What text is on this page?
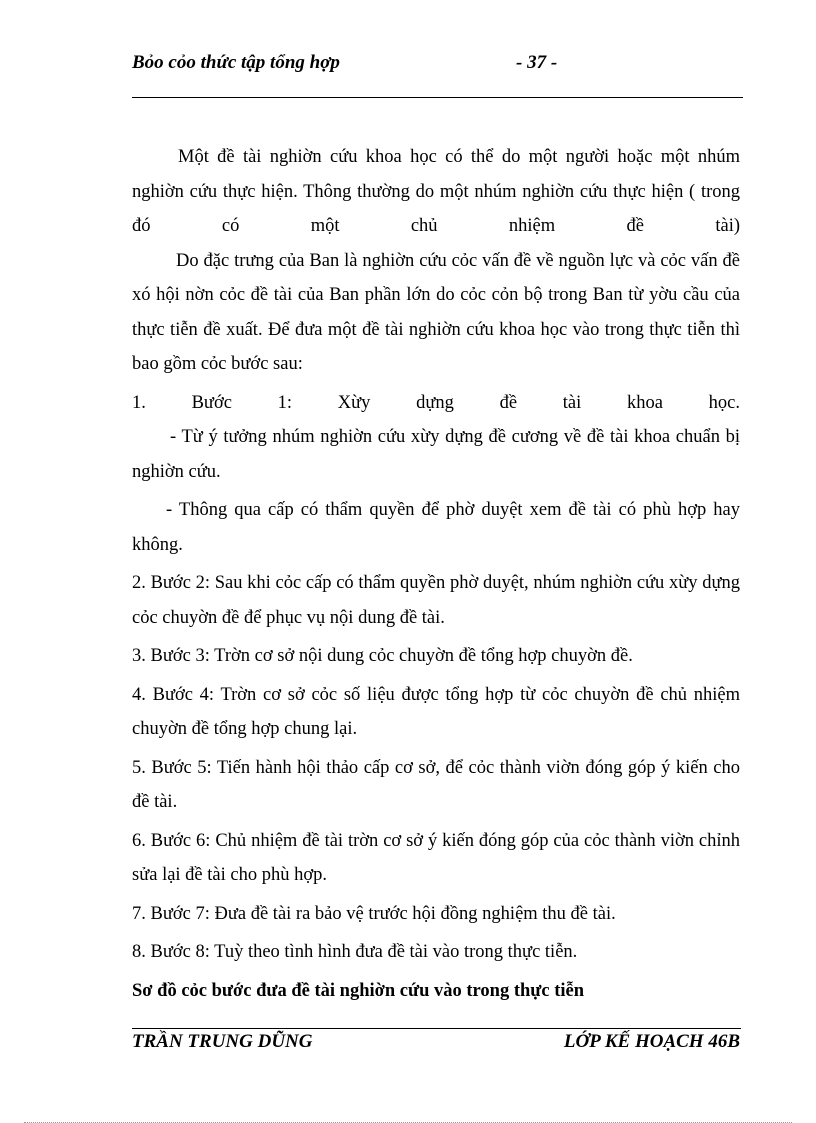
Bỏo cỏo thức tập tổng hợp	- 37 -

Một đề tài nghiờn cứu khoa học có thể do một người hoặc một nhúm

nghiờn cứu thực hiện. Thông thường do một nhúm nghiờn cứu thực hiện ( trong

đó có một chủ nhiệm đề tài)

Do đặc trưng của Ban là nghiờn cứu cỏc vấn đề về nguồn lực và cỏc vấn đề xó hội nờn cỏc đề tài của Ban phần lớn do cỏc cỏn bộ trong Ban từ yờu cầu của thực tiễn đề xuất. Để đưa một đề tài nghiờn cứu khoa học vào trong thực tiễn thì bao gồm cỏc bước sau:

1. Bước 1: Xừy dựng đề tài khoa học.

- Từ ý tưởng nhúm nghiờn cứu xừy dựng đề cương về đề tài khoa chuẩn bị nghiờn cứu.

- Thông qua cấp có thẩm quyền để phờ duyệt xem đề tài có phù hợp hay không.

2. Bước 2: Sau khi cỏc cấp có thẩm quyền phờ duyệt, nhúm nghiờn cứu xừy dựng cỏc chuyờn đề để phục vụ nội dung đề tài.

3. Bước 3: Trờn cơ sở nội dung cỏc chuyờn đề tổng hợp chuyờn đề.

4. Bước 4: Trờn cơ sở cỏc số liệu được tổng hợp từ cỏc chuyờn đề chủ nhiệm chuyờn đề tổng hợp chung lại.

5. Bước 5: Tiến hành hội thảo cấp cơ sở, để cỏc thành viờn đóng góp ý kiến cho đề tài.

6. Bước 6: Chủ nhiệm đề tài trờn cơ sở ý kiến đóng góp của cỏc thành viờn chỉnh sửa lại đề tài cho phù hợp.

7. Bước 7: Đưa đề tài ra bảo vệ trước hội đồng nghiệm thu đề tài.

8. Bước 8: Tuỳ theo tình hình đưa đề tài vào trong thực tiễn.

Sơ đồ cỏc bước đưa đề tài nghiờn cứu vào trong thực tiễn

TRẦN TRUNG DŨNG	LỚP KẾ HOẠCH 46B
